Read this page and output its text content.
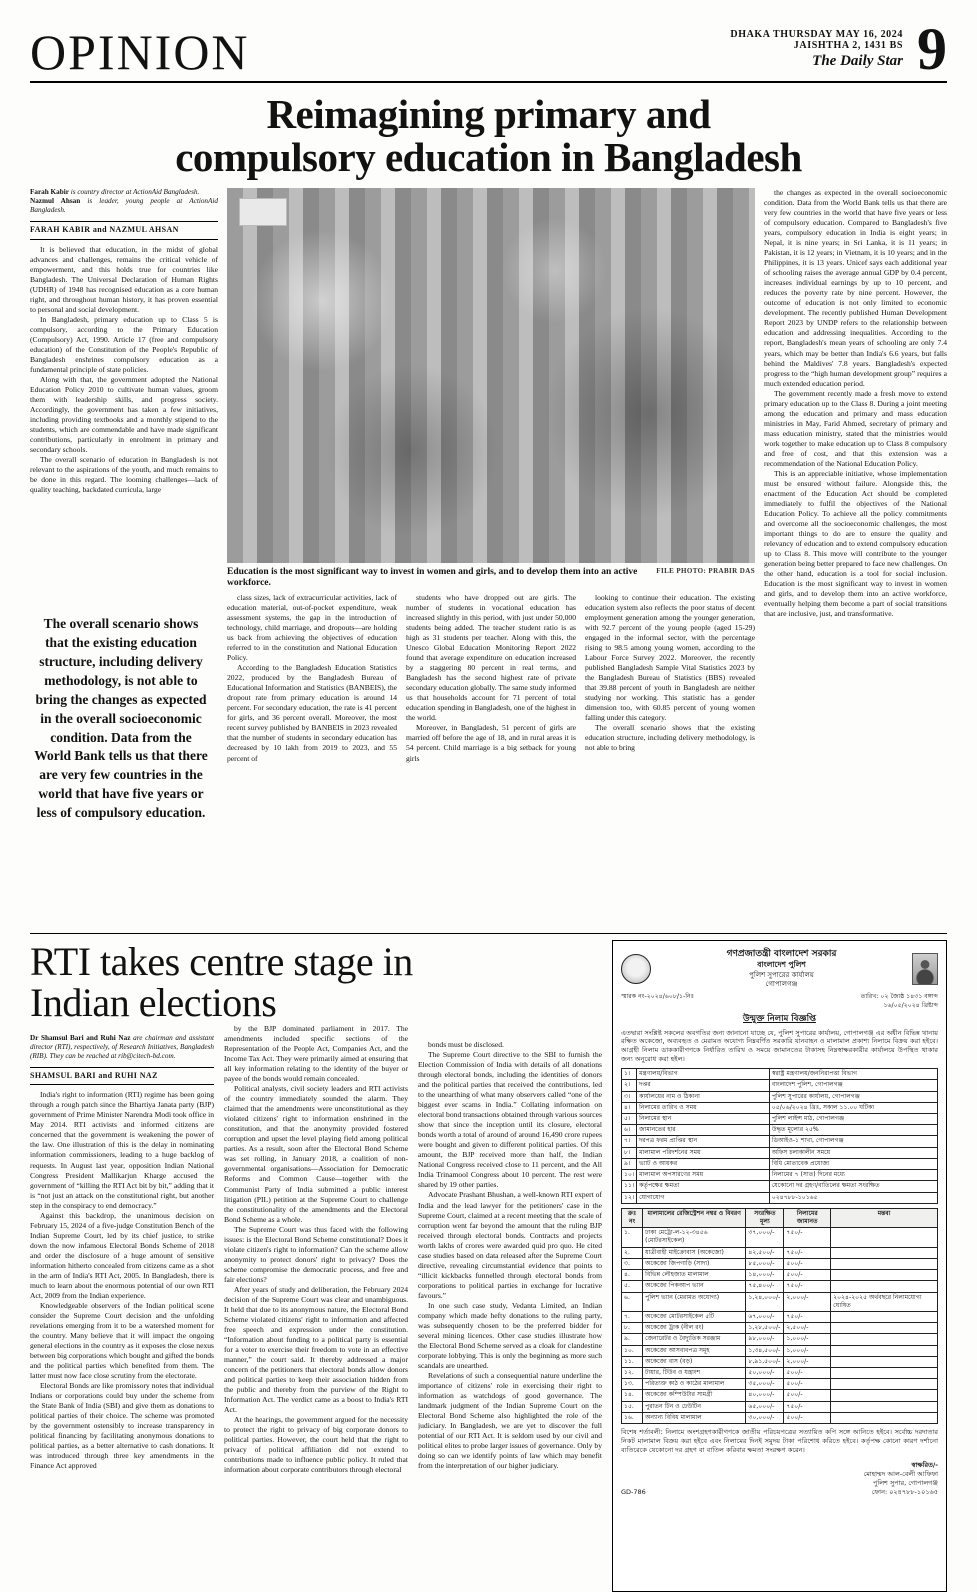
OPINION	DHAKA THURSDAY MAY 16, 2024
JAISHTHA 2, 1431 BS
The Daily Star 9
Reimagining primary and
compulsory education in Bangladesh

Farah Kabir is country director at ActionAid Bangladesh.

Nazmul Ahsan is leader, young people at ActionAid Bangladesh.

FARAH KABIR and NAZMUL AHSAN

It is believed that education, in the midst of global advances and challenges, remains the critical vehicle of empowerment, and this holds true for countries like Bangladesh. The Universal Declaration of Human Rights (UDHR) of 1948 has recognised education as a core human right, and throughout human history, it has proven essential to personal and social development.

In Bangladesh, primary education up to Class 5 is compulsory, according to the Primary Education (Compulsory) Act, 1990. Article 17 (free and compulsory education) of the Constitution of the People's Republic of Bangladesh enshrines compulsory education as a fundamental principle of state policies.

Along with that, the government adopted the National Education Policy 2010 to cultivate human values, groom them with leadership skills, and progress society. Accordingly, the government has taken a few initiatives, including providing textbooks and a monthly stipend to the students, which are commendable and have made significant contributions, particularly in enrolment in primary and secondary schools.

The overall scenario of education in Bangladesh is not relevant to the aspirations of the youth, and much remains to be done in this regard. The looming challenges—lack of quality teaching, backdated curricula, large

Education is the most significant way to invest in women and girls, and to develop them into an active workforce.
FILE PHOTO: PRABIR DAS
The overall scenario shows that the existing education structure, including delivery methodology, is not able to bring the changes as expected in the overall socioeconomic condition. Data from the World Bank tells us that there are very few countries in the world that have five years or less of compulsory education.

class sizes, lack of extracurricular activities, lack of education material, out-of-pocket expenditure, weak assessment systems, the gap in the introduction of technology, child marriage, and dropouts—are holding us back from achieving the objectives of education referred to in the constitution and National Education Policy.

According to the Bangladesh Education Statistics 2022, produced by the Bangladesh Bureau of Educational Information and Statistics (BANBEIS), the dropout rate from primary education is around 14 percent. For secondary education, the rate is 41 percent for girls, and 36 percent overall. Moreover, the most recent survey published by BANBEIS in 2023 revealed that the number of students in secondary education has decreased by 10 lakh from 2019 to 2023, and 55 percent of

students who have dropped out are girls. The number of students in vocational education has increased slightly in this period, with just under 50,000 students being added. The teacher student ratio is as high as 31 students per teacher. Along with this, the Unesco Global Education Monitoring Report 2022 found that average expenditure on education increased by a staggering 80 percent in real terms, and Bangladesh has the second highest rate of private secondary education globally. The same study informed us that households account for 71 percent of total education spending in Bangladesh, one of the highest in the world.

Moreover, in Bangladesh, 51 percent of girls are married off before the age of 18, and in rural areas it is 54 percent. Child marriage is a big setback for young girls

looking to continue their education. The existing education system also reflects the poor status of decent employment generation among the younger generation, with 92.7 percent of the young people (aged 15-29) engaged in the informal sector, with the percentage rising to 98.5 among young women, according to the Labour Force Survey 2022. Moreover, the recently published Bangladesh Sample Vital Statistics 2023 by the Bangladesh Bureau of Statistics (BBS) revealed that 39.88 percent of youth in Bangladesh are neither studying nor working. This statistic has a gender dimension too, with 60.85 percent of young women falling under this category.

The overall scenario shows that the existing education structure, including delivery methodology, is not able to bring

the changes as expected in the overall socioeconomic condition. Data from the World Bank tells us that there are very few countries in the world that have five years or less of compulsory education. Compared to Bangladesh's five years, compulsory education in India is eight years; in Nepal, it is nine years; in Sri Lanka, it is 11 years; in Pakistan, it is 12 years; in Vietnam, it is 10 years; and in the Philippines, it is 13 years. Unicef says each additional year of schooling raises the average annual GDP by 0.4 percent, increases individual earnings by up to 10 percent, and reduces the poverty rate by nine percent. However, the outcome of education is not only limited to economic development. The recently published Human Development Report 2023 by UNDP refers to the relationship between education and addressing inequalities. According to the report, Bangladesh's mean years of schooling are only 7.4 years, which may be better than India's 6.6 years, but falls behind the Maldives' 7.8 years. Bangladesh's expected progress to the “high human development group” requires a much extended education period.

The government recently made a fresh move to extend primary education up to the Class 8. During a joint meeting among the education and primary and mass education ministries in May, Farid Ahmed, secretary of primary and mass education ministry, stated that the ministries would work together to make education up to Class 8 compulsory and free of cost, and that this extension was a recommendation of the National Education Policy.

This is an appreciable initiative, whose implementation must be ensured without failure. Alongside this, the enactment of the Education Act should be completed immediately to fulfil the objectives of the National Education Policy. To achieve all the policy commitments and overcome all the socioeconomic challenges, the most important things to do are to ensure the quality and relevancy of education and to extend compulsory education up to Class 8. This move will contribute to the younger generation being better prepared to face new challenges. On the other hand, education is a tool for social inclusion. Education is the most significant way to invest in women and girls, and to develop them into an active workforce, eventually helping them become a part of social transitions that are inclusive, just, and transformative.

RTI takes centre stage in
Indian elections

Dr Shamsul Bari and Ruhi Naz are chairman and assistant director (RTI), respectively, of Research Initiatives, Bangladesh (RIB). They can be reached at rib@citech-bd.com.

SHAMSUL BARI and RUHI NAZ

India's right to information (RTI) regime has been going through a rough patch since the Bhartiya Janata party (BJP) government of Prime Minister Narendra Modi took office in May 2014. RTI activists and informed citizens are concerned that the government is weakening the power of the law. One illustration of this is the delay in nominating information commissioners, leading to a huge backlog of requests. In August last year, opposition Indian National Congress President Mallikarjun Kharge accused the government of “killing the RTI Act bit by bit,” adding that it is “not just an attack on the constitutional right, but another step in the conspiracy to end democracy.”

Against this backdrop, the unanimous decision on February 15, 2024 of a five-judge Constitution Bench of the Indian Supreme Court, led by its chief justice, to strike down the now infamous Electoral Bonds Scheme of 2018 and order the disclosure of a huge amount of sensitive information hitherto concealed from citizens came as a shot in the arm of India's RTI Act, 2005. In Bangladesh, there is much to learn about the enormous potential of our own RTI Act, 2009 from the Indian experience.

Knowledgeable observers of the Indian political scene consider the Supreme Court decision and the unfolding revelations emerging from it to be a watershed moment for the country. Many believe that it will impact the ongoing general elections in the country as it exposes the close nexus between big corporations which bought and gifted the bonds and the political parties which benefited from them. The latter must now face close scrutiny from the electorate.

Electoral Bonds are like promissory notes that individual Indians or corporations could buy under the scheme from the State Bank of India (SBI) and give them as donations to political parties of their choice. The scheme was promoted by the government ostensibly to increase transparency in political financing by facilitating anonymous donations to political parties, as a better alternative to cash donations. It was introduced through three key amendments in the Finance Act approved

by the BJP dominated parliament in 2017. The amendments included specific sections of the Representation of the People Act, Companies Act, and the Income Tax Act. They were primarily aimed at ensuring that all key information relating to the identity of the buyer or payee of the bonds would remain concealed.

Political analysts, civil society leaders and RTI activists of the country immediately sounded the alarm. They claimed that the amendments were unconstitutional as they violated citizens' right to information enshrined in the constitution, and that the anonymity provided fostered corruption and upset the level playing field among political parties. As a result, soon after the Electoral Bond Scheme was set rolling, in January 2018, a coalition of non-governmental organisations—Association for Democratic Reforms and Common Cause—together with the Communist Party of India submitted a public interest litigation (PIL) petition at the Supreme Court to challenge the constitutionality of the amendments and the Electoral Bond Scheme as a whole.

The Supreme Court was thus faced with the following issues: is the Electoral Bond Scheme constitutional? Does it violate citizen's right to information? Can the scheme allow anonymity to protect donors' right to privacy? Does the scheme compromise the democratic process, and free and fair elections?

After years of study and deliberation, the February 2024 decision of the Supreme Court was clear and unambiguous. It held that due to its anonymous nature, the Electoral Bond Scheme violated citizens' right to information and affected free speech and expression under the constitution. “Information about funding to a political party is essential for a voter to exercise their freedom to vote in an effective manner,” the court said. It thereby addressed a major concern of the petitioners that electoral bonds allow donors and political parties to keep their association hidden from the public and thereby from the purview of the Right to Information Act. The verdict came as a boost to India's RTI Act.

At the hearings, the government argued for the necessity to protect the right to privacy of big corporate donors to political parties. However, the court held that the right to privacy of political affiliation did not extend to contributions made to influence public policy. It ruled that information about corporate contributors through electoral

bonds must be disclosed.

The Supreme Court directive to the SBI to furnish the Election Commission of India with details of all donations through electoral bonds, including the identities of donors and the political parties that received the contributions, led to the unearthing of what many observers called “one of the biggest ever scams in India.” Collating information on electoral bond transactions obtained through various sources show that since the inception until its closure, electoral bonds worth a total of around of around 16,490 crore rupees were bought and given to different political parties. Of this amount, the BJP received more than half, the Indian National Congress received close to 11 percent, and the All India Trinamool Congress about 10 percent. The rest were shared by 19 other parties.

Advocate Prashant Bhushan, a well-known RTI expert of India and the lead lawyer for the petitioners' case in the Supreme Court, claimed at a recent meeting that the scale of corruption went far beyond the amount that the ruling BJP received through electoral bonds. Contracts and projects worth lakhs of crores were awarded quid pro quo. He cited case studies based on data released after the Supreme Court directive, revealing circumstantial evidence that points to “illicit kickbacks funnelled through electoral bonds from corporations to political parties in exchange for lucrative favours.”

In one such case study, Vedanta Limited, an Indian company which made hefty donations to the ruling party, was subsequently chosen to be the preferred bidder for several mining licences. Other case studies illustrate how the Electoral Bond Scheme served as a cloak for clandestine corporate lobbying. This is only the beginning as more such scandals are unearthed.

Revelations of such a consequential nature underline the importance of citizens' role in exercising their right to information as watchdogs of good governance. The landmark judgment of the Indian Supreme Court on the Electoral Bond Scheme also highlighted the role of the judiciary. In Bangladesh, we are yet to discover the full potential of our RTI Act. It is seldom used by our civil and political elites to probe larger issues of governance. Only by doing so can we identify points of law which may benefit from the interpretation of our higher judiciary.

গণপ্রজাতন্ত্রী বাংলাদেশ সরকার
বাংলাদেশ পুলিশ
পুলিশ সুপারের কার্যালয়
গোপালগঞ্জ
স্মারক নং-২০২৪/৬০৮/১-নিঃ	তারিখ: ০২ জ্যৈষ্ঠ ১৪৩১ বঙ্গাব্দ
১৬/০৫/২০২৪ খ্রিষ্টাব্দ
উন্মুক্ত নিলাম বিজ্ঞপ্তি

এতদ্বারা সংশ্লিষ্ট সকলের অবগতির জন্য জানানো যাচ্ছে যে, পুলিশ সুপারের কার্যালয়, গোপালগঞ্জ এর অধীন বিভিন্ন থানায় রক্ষিত অকেজো, অব্যবহৃত ও মেরামত অযোগ্য নিম্নবর্ণিত সরকারি যানবাহন ও মালামাল প্রকাশ্য নিলামে বিক্রয় করা হইবে। আগ্রহী নিলাম ডাককারীগণকে নির্ধারিত তারিখ ও সময়ে জামানতের টাকাসহ নিম্নস্বাক্ষরকারীর কার্যালয়ে উপস্থিত থাকার জন্য অনুরোধ করা হইল।

১।	মন্ত্রণালয়/বিভাগ	স্বরাষ্ট্র মন্ত্রণালয়/জননিরাপত্তা বিভাগ
২।	দপ্তর	বাংলাদেশ পুলিশ, গোপালগঞ্জ
৩।	কার্যালয়ের নাম ও ঠিকানা	পুলিশ সুপারের কার্যালয়, গোপালগঞ্জ
৪।	নিলামের তারিখ ও সময়	০৫/০৬/২০২৪ খ্রিঃ, সকাল ১১.০০ ঘটিকা
৫।	নিলামের স্থান	পুলিশ লাইন্স মাঠ, গোপালগঞ্জ
৬।	জামানতের হার	উদ্ধৃত মূল্যের ২৫%
৭।	দরপত্র ফরম প্রাপ্তির স্থান	ডিআইও-১ শাখা, গোপালগঞ্জ
৮।	মালামাল পরিদর্শনের সময়	অফিস চলাকালীন সময়ে
৯।	ভ্যাট ও আয়কর	বিধি মোতাবেক প্রযোজ্য
১০।	মালামাল অপসারণের সময়	নিলামের ৭ (সাত) দিনের মধ্যে
১১।	কর্তৃপক্ষের ক্ষমতা	যেকোনো দর গ্রহণ/বাতিলের ক্ষমতা সংরক্ষিত
১২।	যোগাযোগ	০২৪৭৮৮-১০১৬৫
ক্রঃ নং	মালামালের রেজিস্ট্রেশন নম্বর ও বিবরণ	সংরক্ষিত মূল্য	নিলামের জামানত	মন্তব্য
১.	ঢাকা মেট্রো-ল-১২-৩৪৫৬ (মোটরসাইকেল)	৩৭,০০০/-	৭৫০/-	
২.	যাত্রীবাহী মাইক্রোবাস (অকেজো)	৪২,৫০০/-	৭৫০/-	
৩.	অকেজো জিপগাড়ি (সাদা)	৮৫,০০০/-	৫০০/-	
৪.	বিভিন্ন লৌহজাত মালামাল	১৪,০০০/-	৫০০/-	
৫.	অকেজো পিকআপ ভ্যান	৭৫,৪০০/-	৭৫০/-	
৬.	পুলিশ ভ্যান (মেরামত অযোগ্য)	১,২৪,০০০/-	২,০০০/-	২০২৪-২০২৫ অর্থবছরে নিলামযোগ্য ঘোষিত
৭.	অকেজো মোটরসাইকেল ৫টি	৬৭,০০০/-	৭৫০/-	
৮.	অকেজো ট্রাক (নীল রং)	১,২৮,৫০০/-	২,৫০০/-	
৯.	জেনারেটর ও বৈদ্যুতিক সরঞ্জাম	৯৮,০০০/-	১,০০০/-	
১০.	অকেজো আসবাবপত্র সমূহ	১,৩৪,৫০০/-	১,০০০/-	
১১.	অকেজো বাস (বড়)	৮,৯১,৫০০/-	২,০০০/-	
১২.	টায়ার, টিউব ও যন্ত্রাংশ	৫০,০০০/-	৫০০/-	
১৩.	পরিত্যক্ত কাঠ ও কাঠের মালামাল	৩৫,০০০/-	৫০০/-	
১৪.	অকেজো কম্পিউটার সামগ্রী	৪০,০০০/-	৫০০/-	
১৫.	পুরাতন টিন ও ঢেউটিন	৬৫,০০০/-	৭৫০/-	
১৬.	অন্যান্য বিবিধ মালামাল	৩০,০০০/-	৫০০/-	

বিশেষ শর্তাবলী: নিলামে অংশগ্রহণকারীগণকে জাতীয় পরিচয়পত্রের সত্যায়িত কপি সঙ্গে আনিতে হইবে। সর্বোচ্চ দরদাতার নিকট মালামাল বিক্রয় করা হইবে এবং নিলামের দিনই সমুদয় টাকা পরিশোধ করিতে হইবে। কর্তৃপক্ষ কোনো কারণ দর্শানো ব্যতিরেকে যেকোনো দর গ্রহণ বা বাতিল করিবার ক্ষমতা সংরক্ষণ করেন।

GD-786
স্বাক্ষরিত/-
মোহাম্মদ আল-বেলী আফিফা
পুলিশ সুপার, গোপালগঞ্জ
ফোন: ০২৪৭৮৮-১০১৬৫
